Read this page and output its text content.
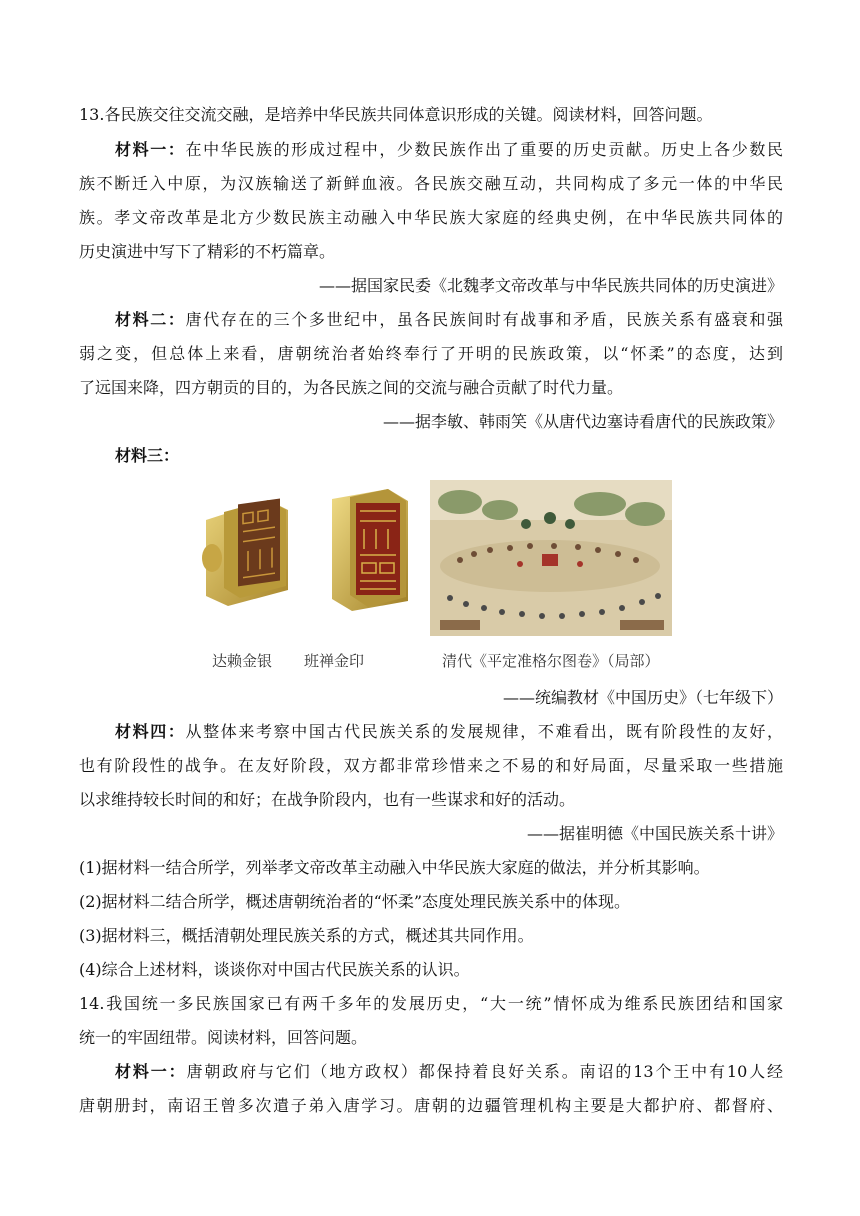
13.各民族交往交流交融，是培养中华民族共同体意识形成的关键。阅读材料，回答问题。
材料一：在中华民族的形成过程中，少数民族作出了重要的历史贡献。历史上各少数民
族不断迁入中原，为汉族输送了新鲜血液。各民族交融互动，共同构成了多元一体的中华民
族。孝文帝改革是北方少数民族主动融入中华民族大家庭的经典史例，在中华民族共同体的
历史演进中写下了精彩的不朽篇章。
——据国家民委《北魏孝文帝改革与中华民族共同体的历史演进》
材料二：唐代存在的三个多世纪中，虽各民族间时有战事和矛盾，民族关系有盛衰和强
弱之变，但总体上来看，唐朝统治者始终奉行了开明的民族政策，以“怀柔”的态度，达到
了远国来降，四方朝贡的目的，为各民族之间的交流与融合贡献了时代力量。
——据李敏、韩雨笑《从唐代边塞诗看唐代的民族政策》
材料三：
达赖金银 班禅金印	清代《平定准格尔图卷》（局部）
——统编教材《中国历史》（七年级下）
材料四：从整体来考察中国古代民族关系的发展规律，不难看出，既有阶段性的友好，
也有阶段性的战争。在友好阶段，双方都非常珍惜来之不易的和好局面，尽量采取一些措施
以求维持较长时间的和好；在战争阶段内，也有一些谋求和好的活动。
——据崔明德《中国民族关系十讲》
(1)据材料一结合所学，列举孝文帝改革主动融入中华民族大家庭的做法，并分析其影响。
(2)据材料二结合所学，概述唐朝统治者的“怀柔”态度处理民族关系中的体现。
(3)据材料三，概括清朝处理民族关系的方式，概述其共同作用。
(4)综合上述材料，谈谈你对中国古代民族关系的认识。
14.我国统一多民族国家已有两千多年的发展历史，“大一统”情怀成为维系民族团结和国家
统一的牢固纽带。阅读材料，回答问题。
材料一：唐朝政府与它们（地方政权）都保持着良好关系。南诏的13个王中有10人经
唐朝册封，南诏王曾多次遣子弟入唐学习。唐朝的边疆管理机构主要是大都护府、都督府、
